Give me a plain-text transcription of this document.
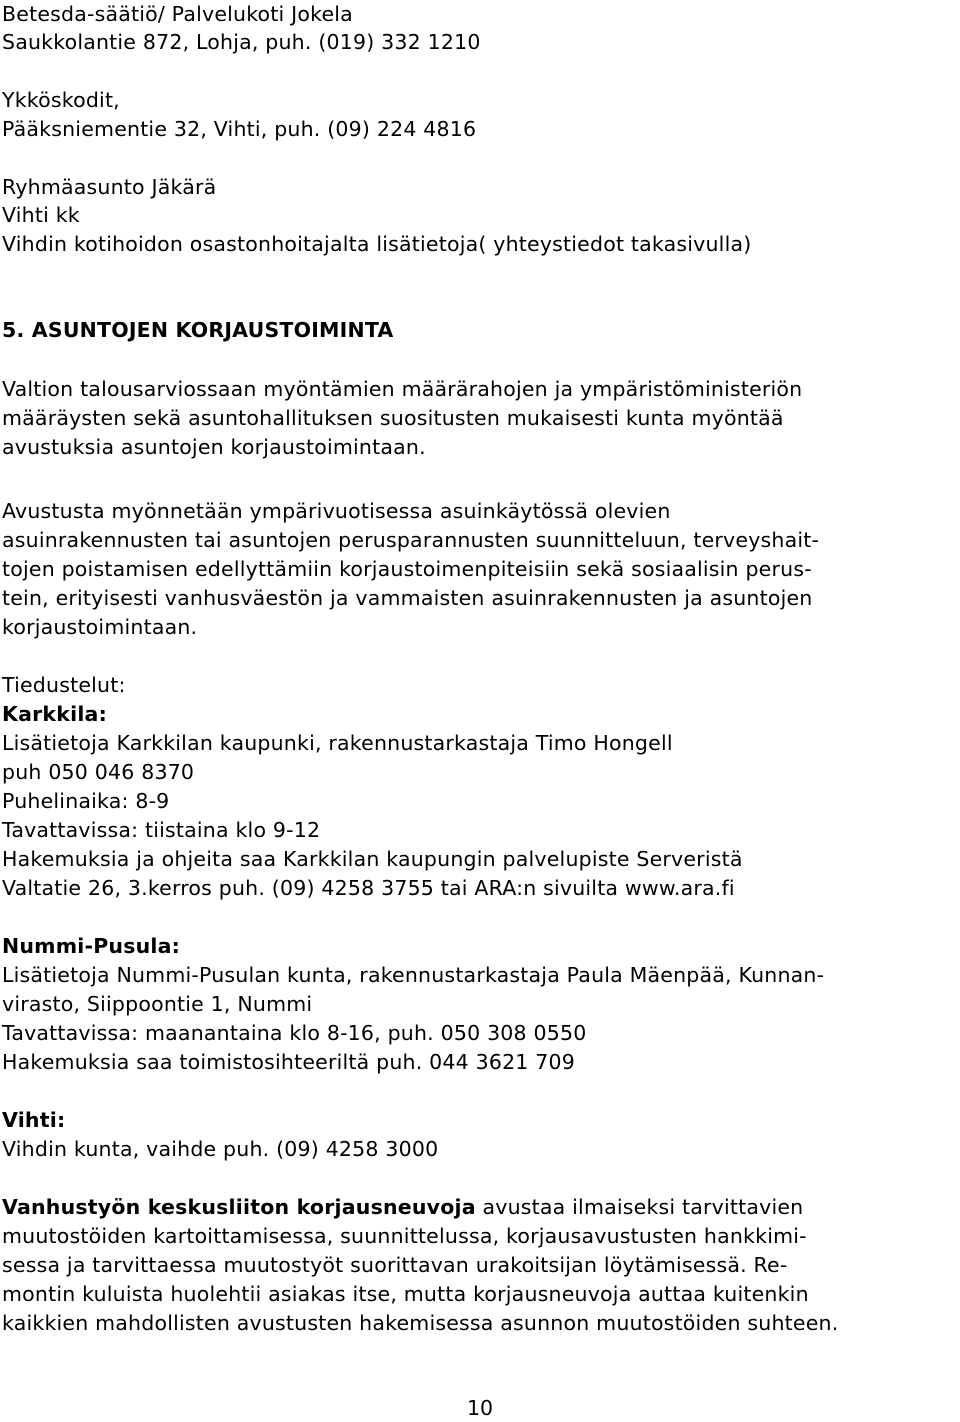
Betesda-säätiö/ Palvelukoti Jokela
Saukkolantie 872, Lohja, puh. (019) 332 1210
Ykköskodit,
Pääksniementie 32, Vihti, puh. (09) 224 4816
Ryhmäasunto Jäkärä
Vihti kk
Vihdin kotihoidon osastonhoitajalta lisätietoja( yhteystiedot takasivulla)
5. ASUNTOJEN KORJAUSTOIMINTA
Valtion talousarviossaan myöntämien määrärahojen ja ympäristöministeriön
määräysten sekä asuntohallituksen suositusten mukaisesti kunta myöntää
avustuksia asuntojen korjaustoimintaan.
Avustusta myönnetään ympärivuotisessa asuinkäytössä olevien
asuinrakennusten tai asuntojen perusparannusten suunnitteluun, terveyshait-
tojen poistamisen edellyttämiin korjaustoimenpiteisiin sekä sosiaalisin perus-
tein, erityisesti vanhusväestön ja vammaisten asuinrakennusten ja asuntojen
korjaustoimintaan.
Tiedustelut:
Karkkila:
Lisätietoja Karkkilan kaupunki, rakennustarkastaja Timo Hongell
puh 050 046 8370
Puhelinaika: 8-9
Tavattavissa: tiistaina klo 9-12
Hakemuksia ja ohjeita saa Karkkilan kaupungin palvelupiste Serveristä
Valtatie 26, 3.kerros puh. (09) 4258 3755 tai ARA:n sivuilta www.ara.fi
Nummi-Pusula:
Lisätietoja Nummi-Pusulan kunta, rakennustarkastaja Paula Mäenpää, Kunnan-
virasto, Siippoontie 1, Nummi
Tavattavissa: maanantaina klo 8-16, puh. 050 308 0550
Hakemuksia saa toimistosihteeriltä puh. 044 3621 709
Vihti:
Vihdin kunta, vaihde puh. (09) 4258 3000
Vanhustyön keskusliiton korjausneuvoja avustaa ilmaiseksi tarvittavien
muutostöiden kartoittamisessa, suunnittelussa, korjausavustusten hankkimi-
sessa ja tarvittaessa muutostyöt suorittavan urakoitsijan löytämisessä. Re-
montin kuluista huolehtii asiakas itse, mutta korjausneuvoja auttaa kuitenkin
kaikkien mahdollisten avustusten hakemisessa asunnon muutostöiden suhteen.
10
